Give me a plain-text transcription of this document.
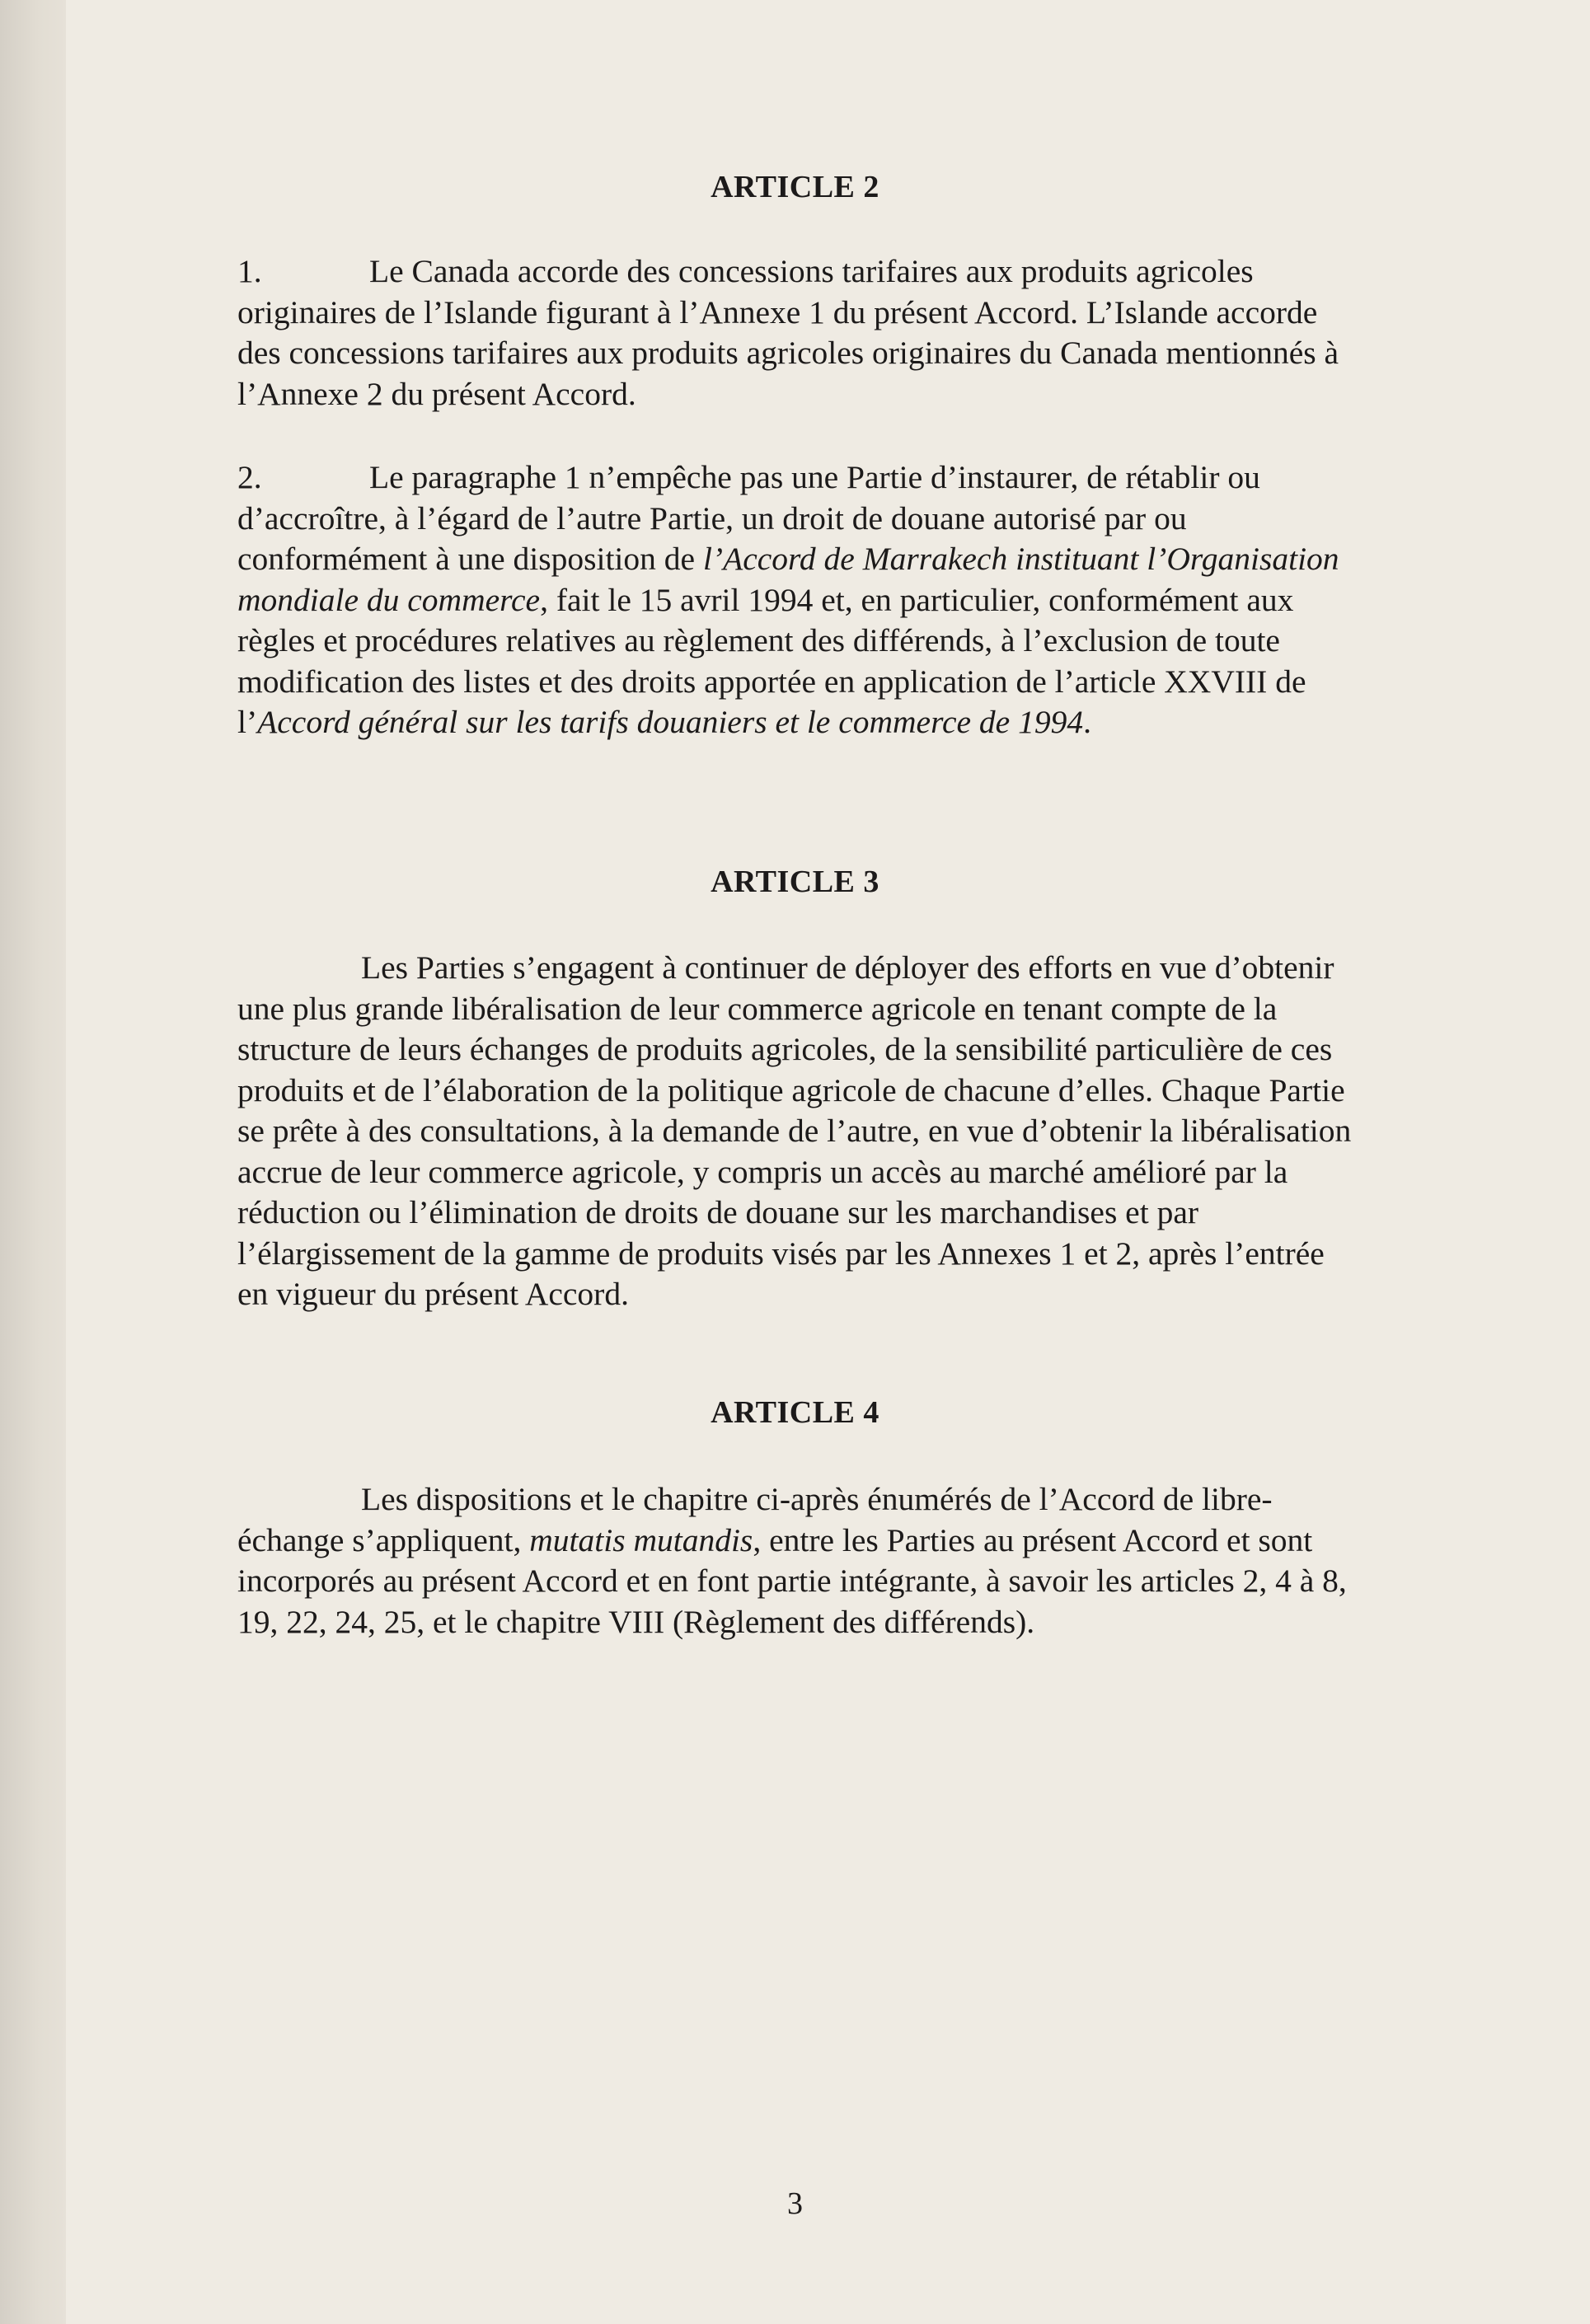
ARTICLE 2

1.	Le Canada accorde des concessions tarifaires aux produits agricoles originaires de l’Islande figurant à l’Annexe 1 du présent Accord. L’Islande accorde des concessions tarifaires aux produits agricoles originaires du Canada mentionnés à l’Annexe 2 du présent Accord.

2.	Le paragraphe 1 n’empêche pas une Partie d’instaurer, de rétablir ou d’accroître, à l’égard de l’autre Partie, un droit de douane autorisé par ou conformément à une disposition de l’Accord de Marrakech instituant l’Organisation mondiale du commerce, fait le 15 avril 1994 et, en particulier, conformément aux règles et procédures relatives au règlement des différends, à l’exclusion de toute modification des listes et des droits apportée en application de l’article XXVIII de l’Accord général sur les tarifs douaniers et le commerce de 1994.

ARTICLE 3

Les Parties s’engagent à continuer de déployer des efforts en vue d’obtenir une plus grande libéralisation de leur commerce agricole en tenant compte de la structure de leurs échanges de produits agricoles, de la sensibilité particulière de ces produits et de l’élaboration de la politique agricole de chacune d’elles. Chaque Partie se prête à des consultations, à la demande de l’autre, en vue d’obtenir la libéralisation accrue de leur commerce agricole, y compris un accès au marché amélioré par la réduction ou l’élimination de droits de douane sur les marchandises et par l’élargissement de la gamme de produits visés par les Annexes 1 et 2, après l’entrée en vigueur du présent Accord.

ARTICLE 4

Les dispositions et le chapitre ci-après énumérés de l’Accord de libre-échange s’appliquent, mutatis mutandis, entre les Parties au présent Accord et sont incorporés au présent Accord et en font partie intégrante, à savoir les articles 2, 4 à 8, 19, 22, 24, 25, et le chapitre VIII (Règlement des différends).

3
